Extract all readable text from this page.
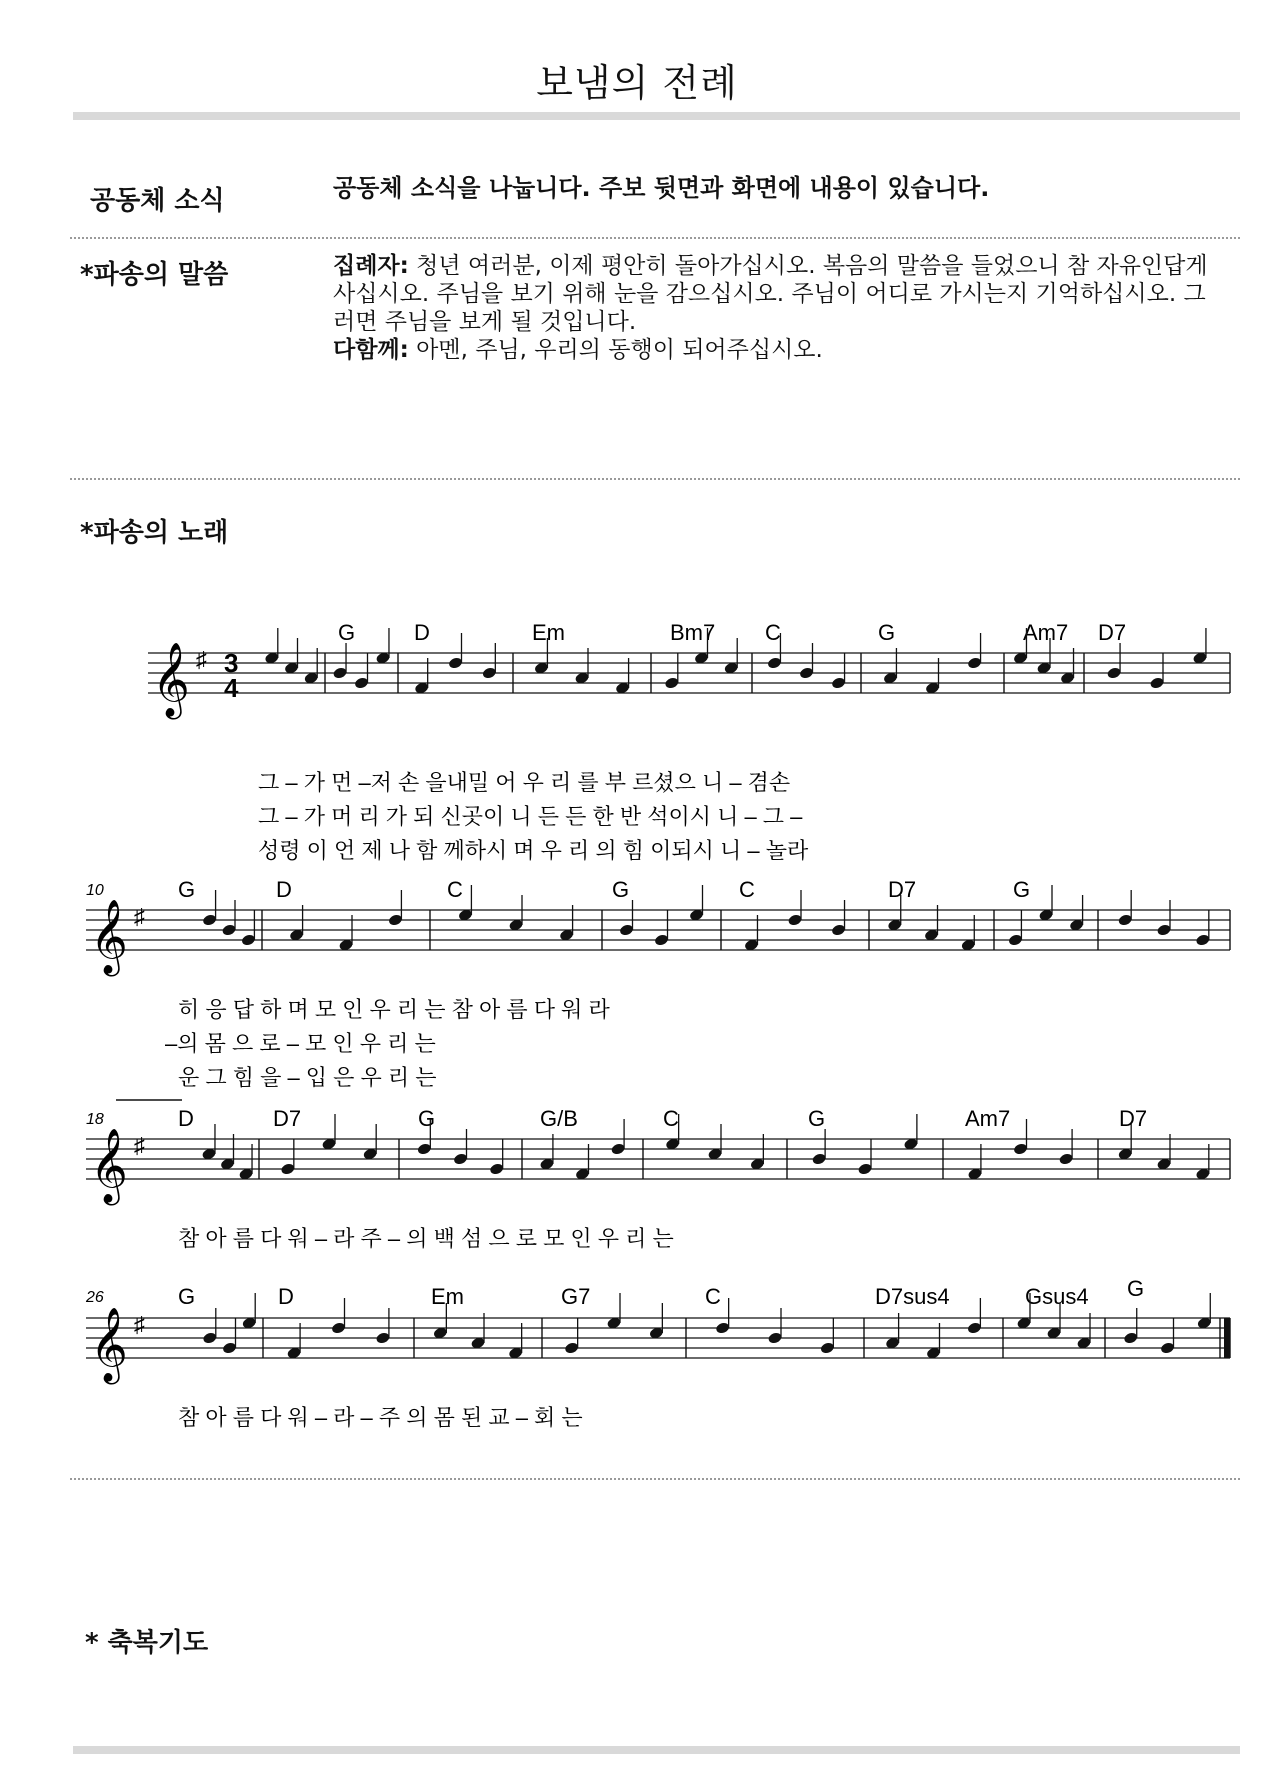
보냄의 전례
공동체 소식	공동체 소식을 나눕니다. 주보 뒷면과 화면에 내용이 있습니다.
*파송의 말씀	집례자: 청년 여러분, 이제 평안히 돌아가십시오. 복음의 말씀을 들었으니 참 자유인답게
사십시오. 주님을 보기 위해 눈을 감으십시오. 주님이 어디로 가시는지 기억하십시오. 그
러면 주님을 보게 될 것입니다.
다함께: 아멘, 주님, 우리의 동행이 되어주십시오.
*파송의 노래
3
4
G	D	Em	Bm7 C	G	Am7 D7
그 – 가 먼 –저 손 을내밀 어 우 리 를 부 르셨으 니 – 겸손
그 – 가 머 리 가 되 신곳이 니 든 든 한 반 석이시 니 – 그 –
성령 이 언 제 나 함 께하시 며 우 리 의 힘 이되시 니 – 놀라
10	G	D	C	G	C	D7	G
히 응 답 하 며 모 인 우 리 는 참 아 름 다 워 라
–의 몸 으 로 – 모 인 우 리 는
운 그 힘 을 – 입 은 우 리 는
18	D	D7	G	G/B	C	G	Am7	D7
참 아 름 다 워 – 라 주 – 의 백 섬 으 로 모 인 우 리 는
26	G	D	Em	G7	C	D7sus4	Gsus4 G
참 아 름 다 워 – 라 – 주 의 몸 된 교 – 회 는
𝄞 ♯
𝄞 ♯
𝄞 ♯
𝄞 ♯
* 축복기도
